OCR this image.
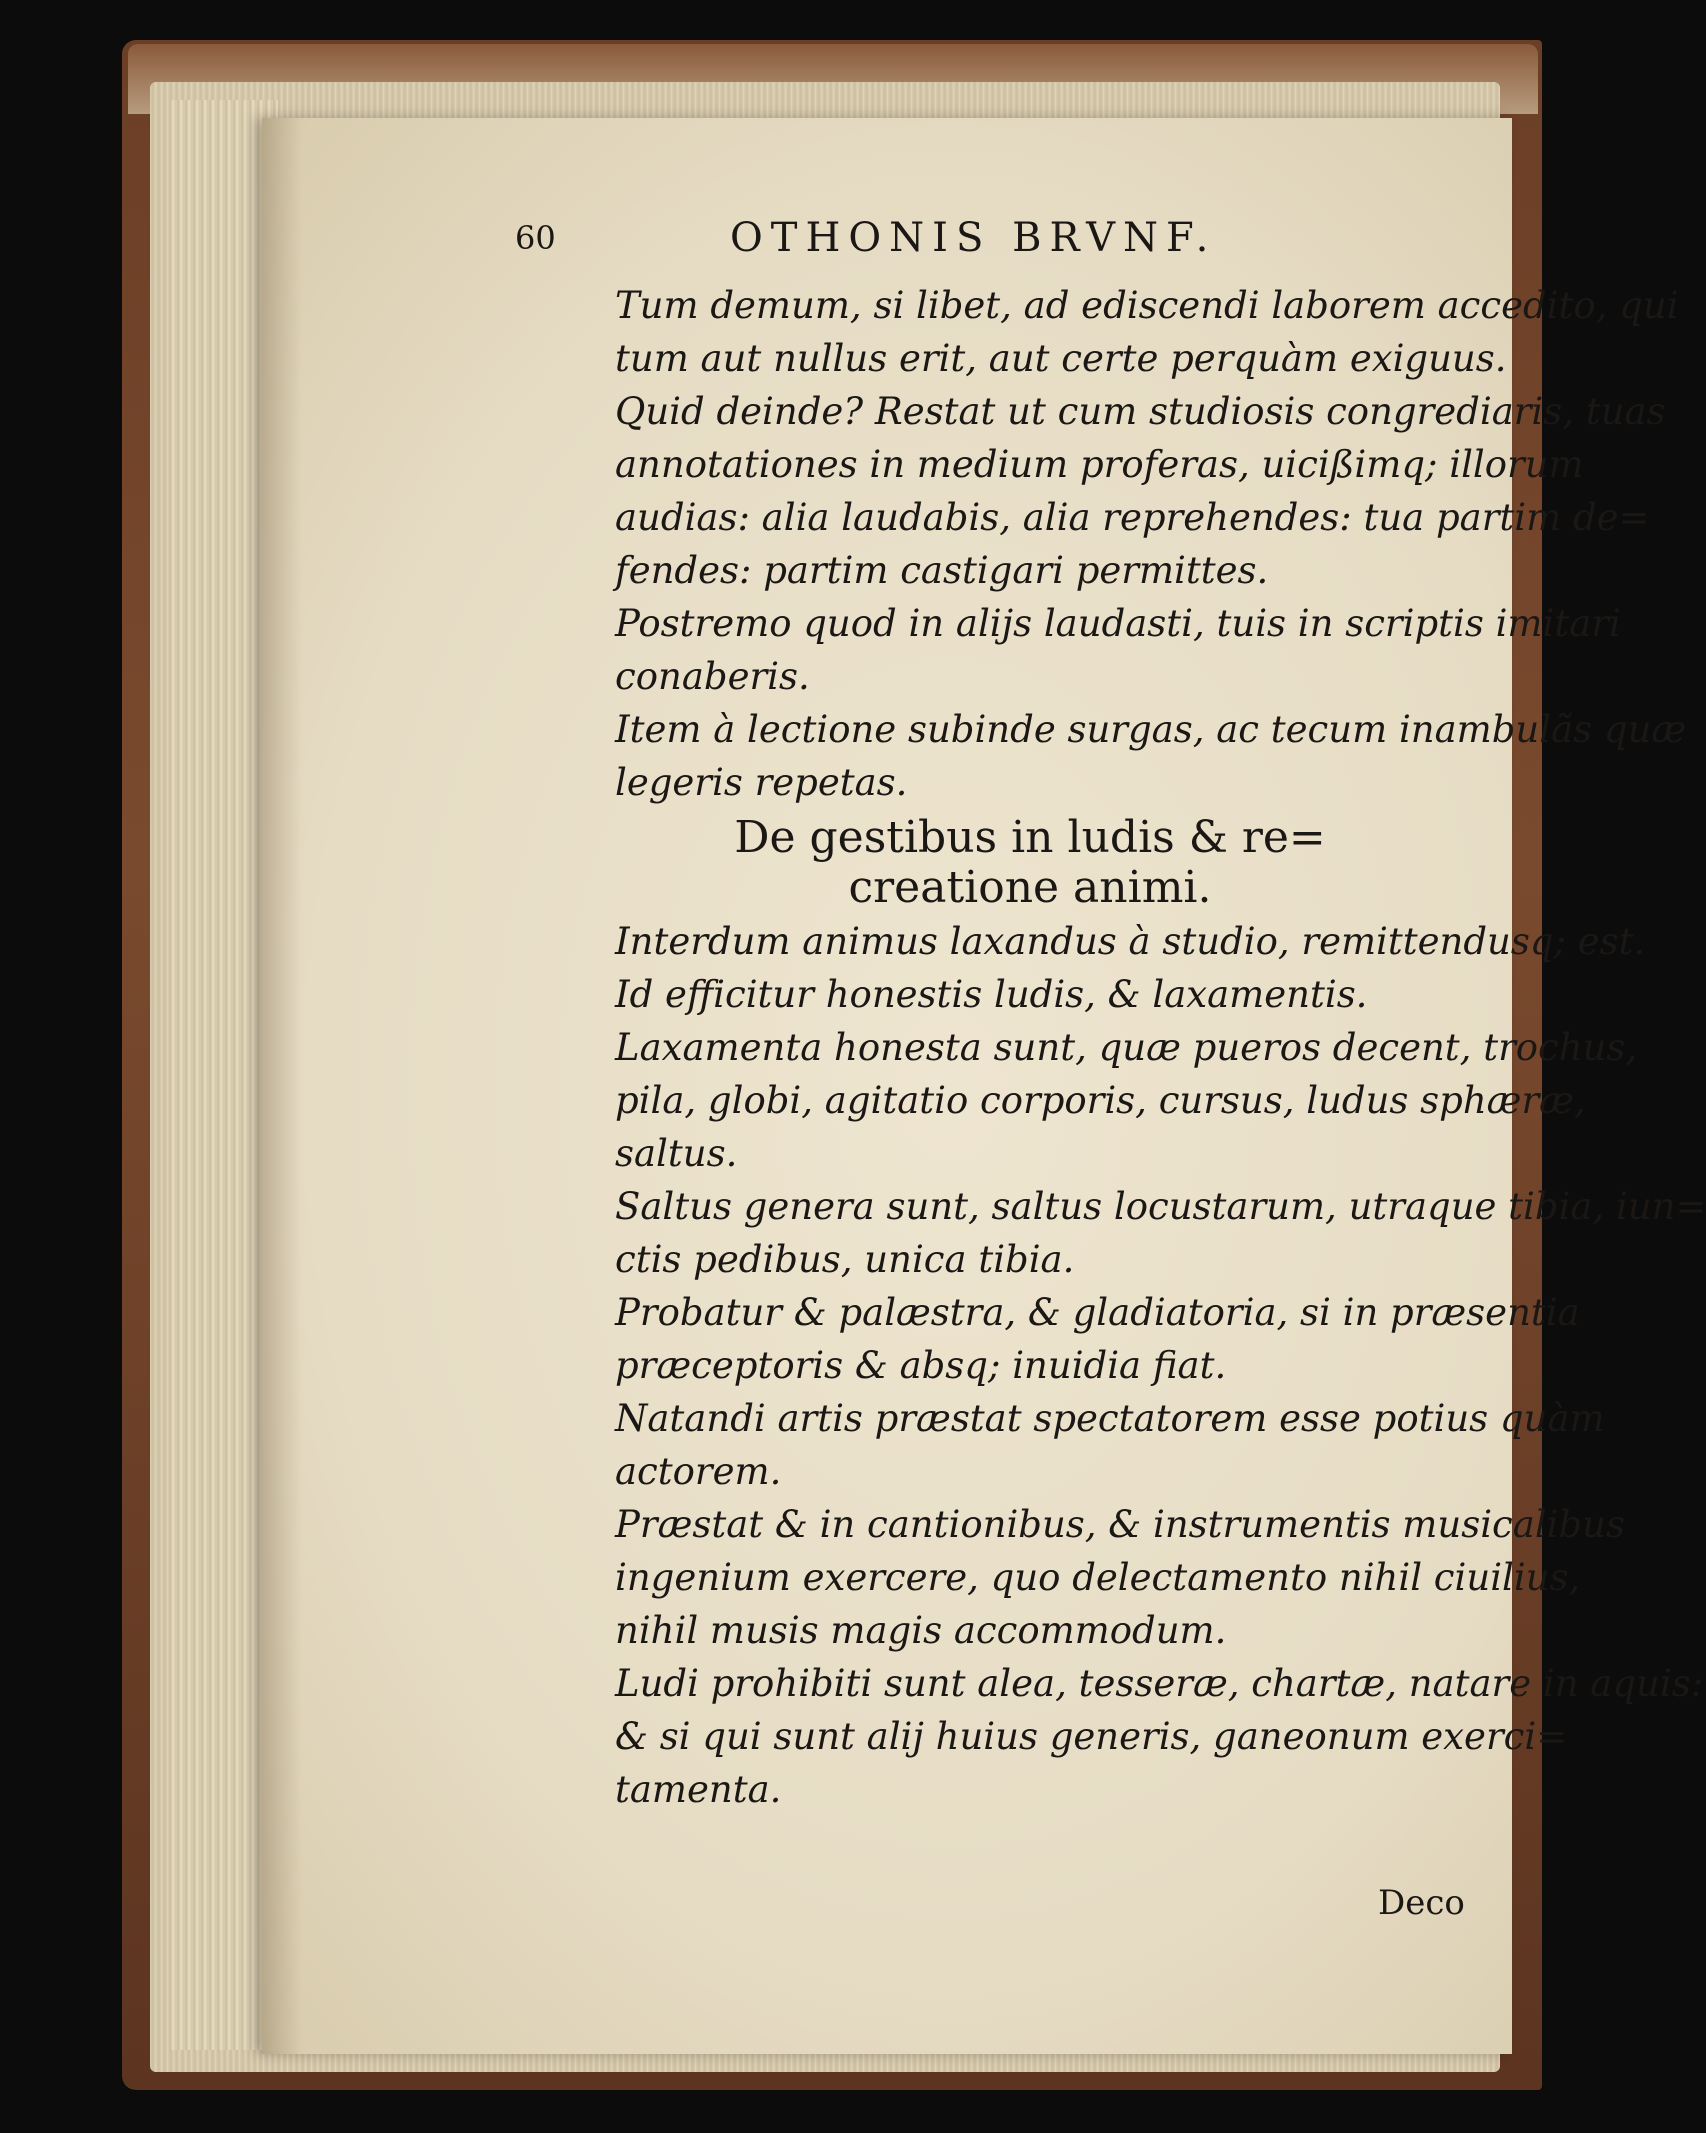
60	OTHONIS BRVNF.

Tum demum, si libet, ad ediscendi laborem accedito, qui
tum aut nullus erit, aut certe perquàm exiguus.

Quid deinde? Restat ut cum studiosis congrediaris, tuas
annotationes in medium proferas, uicißimq; illorum
audias: alia laudabis, alia reprehendes: tua partim de=
fendes: partim castigari permittes.

Postremo quod in alijs laudasti, tuis in scriptis imitari
conaberis.

Item à lectione subinde surgas, ac tecum inambulãs quæ
legeris repetas.

De gestibus in ludis & re=
creatione animi.

Interdum animus laxandus à studio, remittendusq; est.

Id efficitur honestis ludis, & laxamentis.

Laxamenta honesta sunt, quæ pueros decent, trochus,
pila, globi, agitatio corporis, cursus, ludus sphæræ,
saltus.

Saltus genera sunt, saltus locustarum, utraque tibia, iun=
ctis pedibus, unica tibia.

Probatur & palæstra, & gladiatoria, si in præsentia
præceptoris & absq; inuidia fiat.

Natandi artis præstat spectatorem esse potius quàm
actorem.

Præstat & in cantionibus, & instrumentis musicalibus
ingenium exercere, quo delectamento nihil ciuilius,
nihil musis magis accommodum.

Ludi prohibiti sunt alea, tesseræ, chartæ, natare in aquis:
& si qui sunt alij huius generis, ganeonum exerci=
tamenta.

Deco
